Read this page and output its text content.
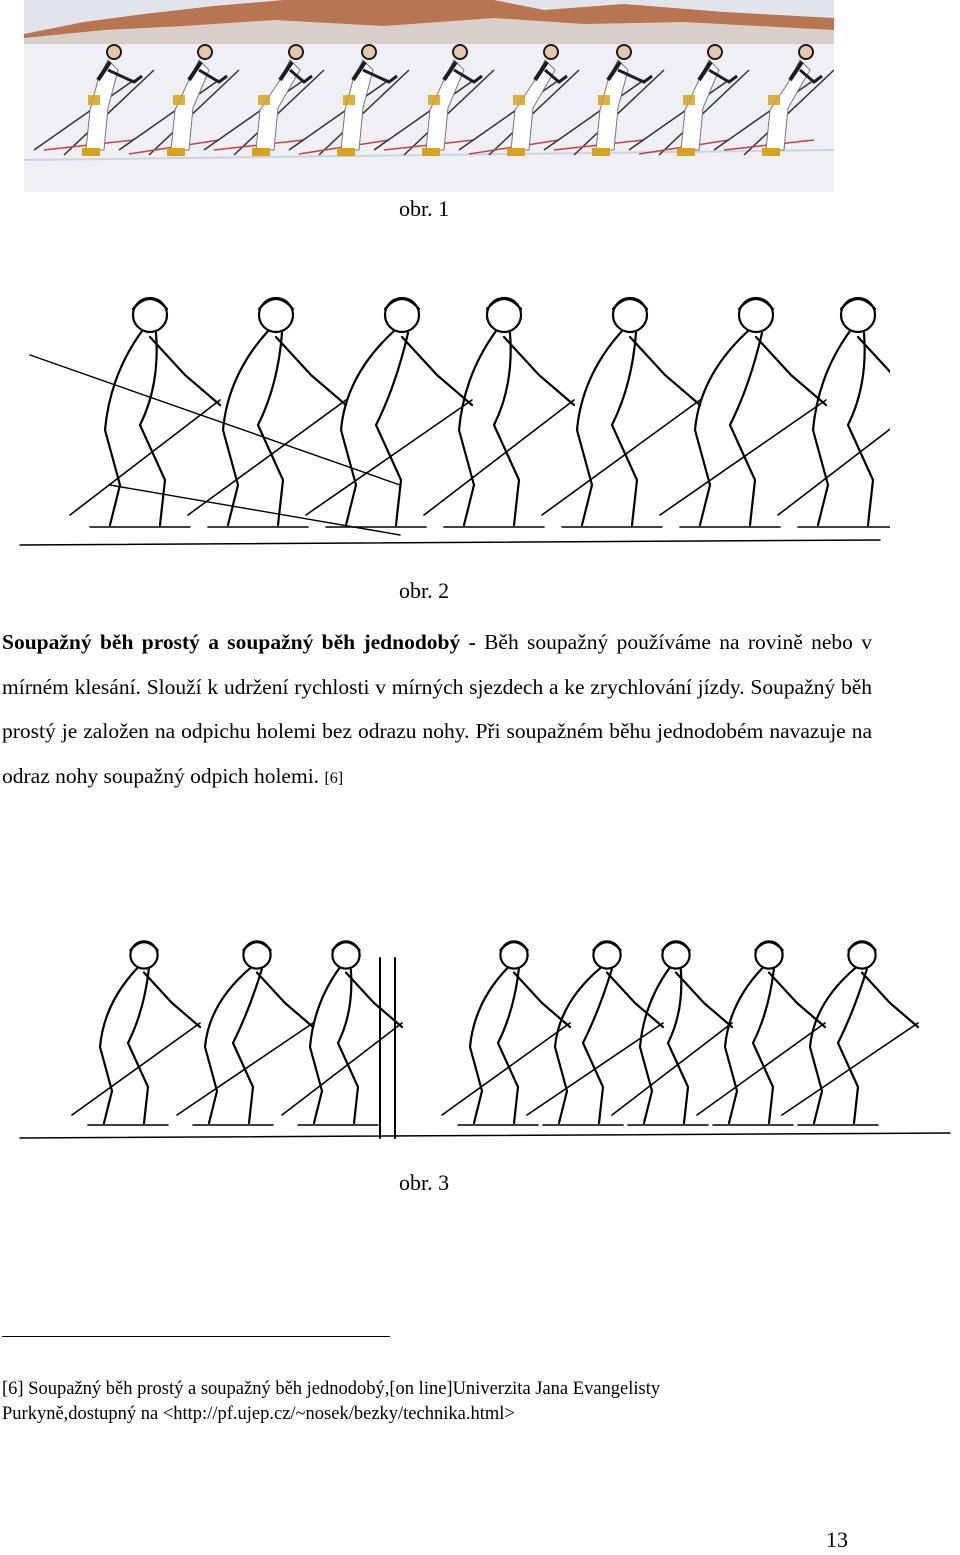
obr. 1
obr. 2

Soupažný běh prostý a soupažný běh jednodobý - Běh soupažný používáme na rovině nebo v mírném klesání. Slouží k udržení rychlosti v mírných sjezdech a ke zrychlování jízdy. Soupažný běh prostý je založen na odpichu holemi bez odrazu nohy. Při soupažném běhu jednodobém navazuje na odraz nohy soupažný odpich holemi. [6]

obr. 3

[6] Soupažný běh prostý a soupažný běh jednodobý,[on line]Univerzita Jana Evangelisty
Purkyně,dostupný na <http://pf.ujep.cz/~nosek/bezky/technika.html>

13
